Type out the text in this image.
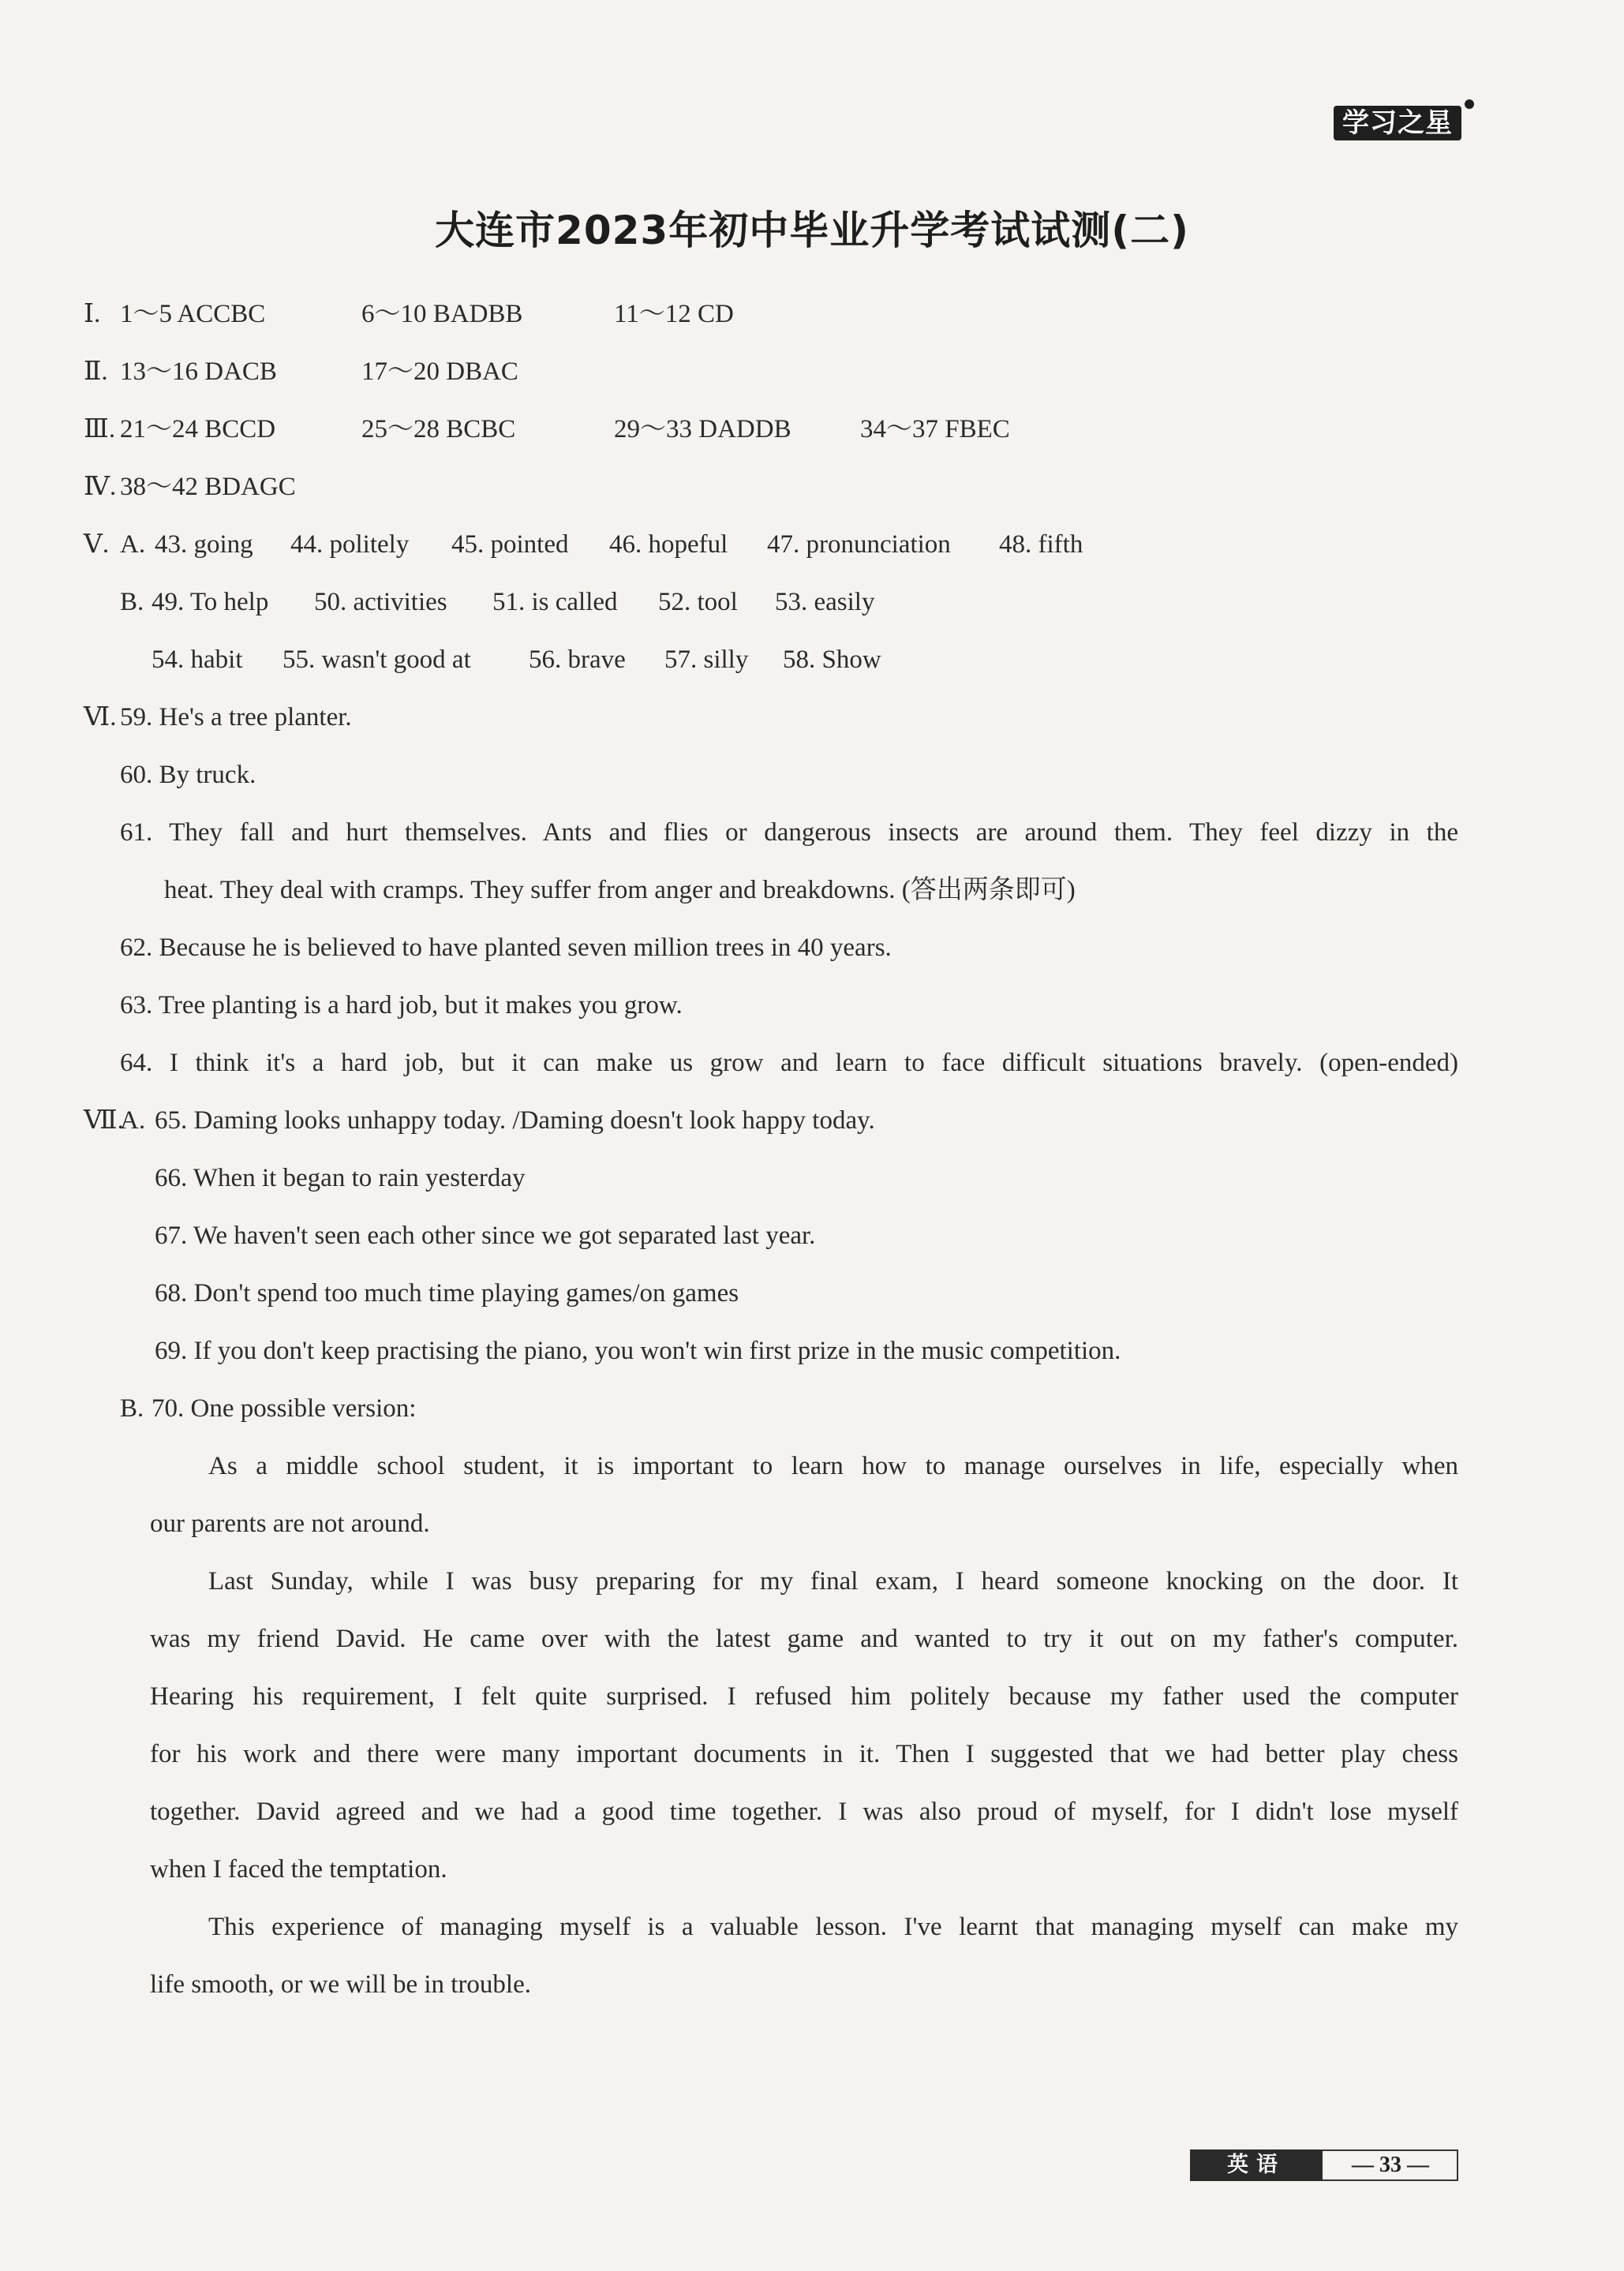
学习之星
大连市2023年初中毕业升学考试试测(二)
Ⅰ. 1～5 ACCBC	6～10 BADBB	11～12 CD
Ⅱ. 13～16 DACB	17～20 DBAC
Ⅲ. 21～24 BCCD	25～28 BCBC	29～33 DADDB	34～37 FBEC
Ⅳ. 38～42 BDAGC
Ⅴ. A. 43. going 44. politely 45. pointed 46. hopeful 47. pronunciation 48. fifth
B. 49. To help 50. activities 51. is called 52. tool 53. easily
54. habit 55. wasn't good at 56. brave 57. silly 58. Show
Ⅵ. 59. He's a tree planter.
60. By truck.
61. They fall and hurt themselves. Ants and flies or dangerous insects are around them. They feel dizzy in the
heat. They deal with cramps. They suffer from anger and breakdowns. (答出两条即可)
62. Because he is believed to have planted seven million trees in 40 years.
63. Tree planting is a hard job, but it makes you grow.
64. I think it's a hard job, but it can make us grow and learn to face difficult situations bravely. (open-ended)
Ⅶ.
A. 65. Daming looks unhappy today. /Daming doesn't look happy today.
66. When it began to rain yesterday
67. We haven't seen each other since we got separated last year.
68. Don't spend too much time playing games/on games
69. If you don't keep practising the piano, you won't win first prize in the music competition.
B. 70. One possible version:
As a middle school student, it is important to learn how to manage ourselves in life, especially when
our parents are not around.
Last Sunday, while I was busy preparing for my final exam, I heard someone knocking on the door. It
was my friend David. He came over with the latest game and wanted to try it out on my father's computer.
Hearing his requirement, I felt quite surprised. I refused him politely because my father used the computer
for his work and there were many important documents in it. Then I suggested that we had better play chess
together. David agreed and we had a good time together. I was also proud of myself, for I didn't lose myself
when I faced the temptation.
This experience of managing myself is a valuable lesson. I've learnt that managing myself can make my
life smooth, or we will be in trouble.
英语	— 33 —
